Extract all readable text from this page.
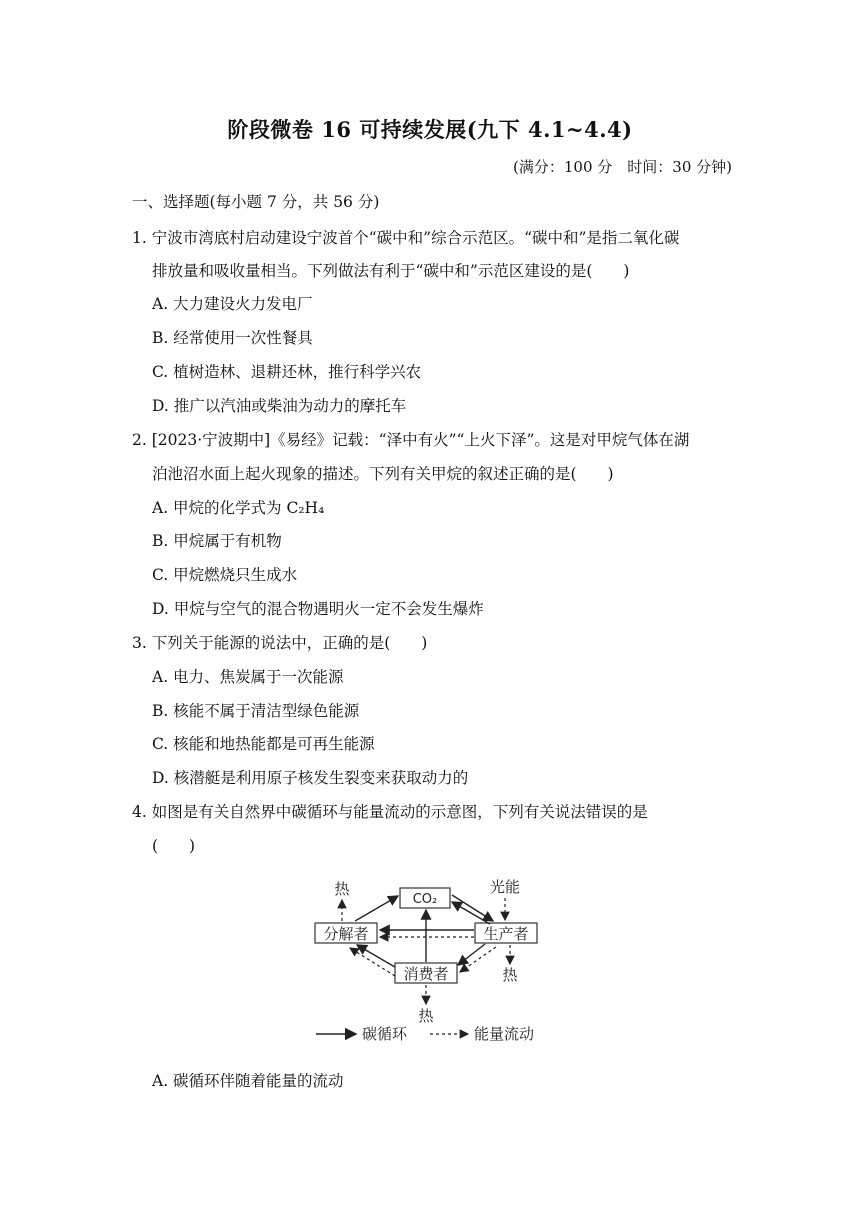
阶段微卷 16 可持续发展(九下 4.1~4.4)
(满分：100 分　时间：30 分钟)
一、选择题(每小题 7 分，共 56 分)
1. 宁波市湾底村启动建设宁波首个“碳中和”综合示范区。“碳中和”是指二氧化碳
排放量和吸收量相当。下列做法有利于“碳中和”示范区建设的是(　　)
A. 大力建设火力发电厂
B. 经常使用一次性餐具
C. 植树造林、退耕还林，推行科学兴农
D. 推广以汽油或柴油为动力的摩托车
2. [2023·宁波期中]《易经》记载：“泽中有火”“上火下泽”。这是对甲烷气体在湖
泊池沼水面上起火现象的描述。下列有关甲烷的叙述正确的是(　　)
A. 甲烷的化学式为 C₂H₄
B. 甲烷属于有机物
C. 甲烷燃烧只生成水
D. 甲烷与空气的混合物遇明火一定不会发生爆炸
3. 下列关于能源的说法中，正确的是(　　)
A. 电力、焦炭属于一次能源
B. 核能不属于清洁型绿色能源
C. 核能和地热能都是可再生能源
D. 核潜艇是利用原子核发生裂变来获取动力的
4. 如图是有关自然界中碳循环与能量流动的示意图，下列有关说法错误的是
(　　)
CO₂
分解者	生产者
消费者
热	光能
热
热
碳循环	能量流动
A. 碳循环伴随着能量的流动
